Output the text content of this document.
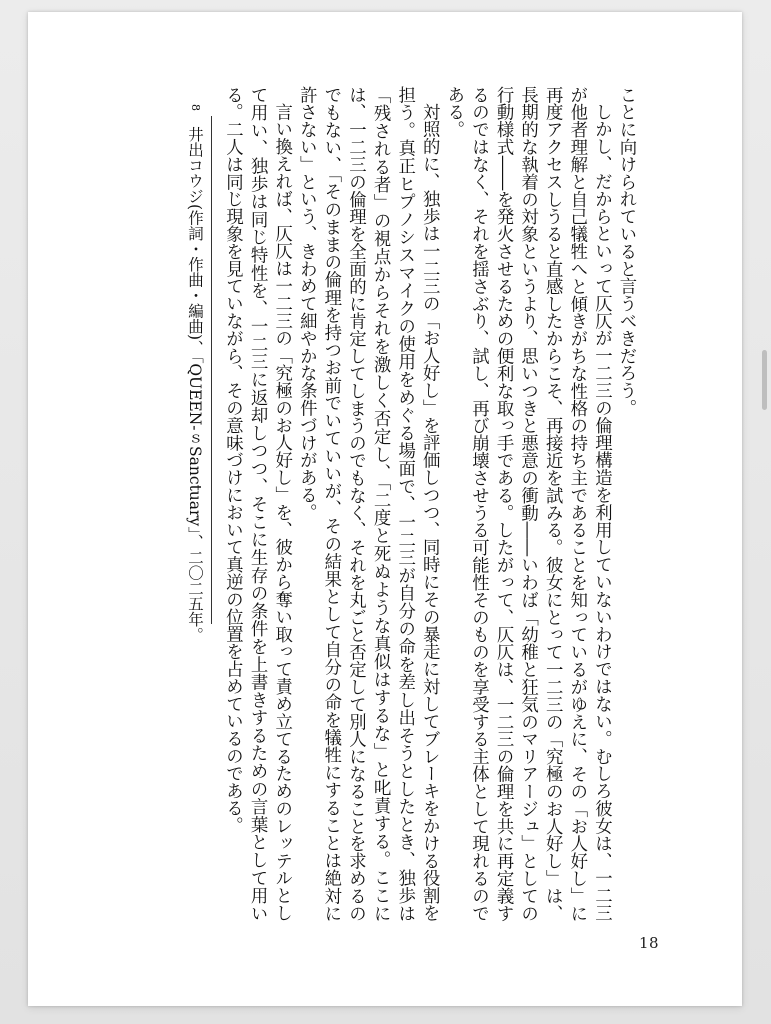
ことに向けられていると言うべきだろう。

しかし、だからといって仄仄が一二三の倫理構造を利用していないわけではない。むしろ彼女は、一二三が他者理解と自己犠牲へと傾きがちな性格の持ち主であることを知っているがゆえに、その「お人好し」に再度アクセスしうると直感したからこそ、再接近を試みる。彼女にとって一二三の「究極のお人好し」は、長期的な執着の対象というより、思いつきと悪意の衝動――いわば「幼稚と狂気のマリアージュ」としての行動様式――を発火させるための便利な取っ手である。したがって、仄仄は、一二三の倫理を共に再定義するのではなく、それを揺さぶり、試し、再び崩壊させうる可能性そのものを享受する主体として現れるのである。

対照的に、独歩は一二三の「お人好し」を評価しつつ、同時にその暴走に対してブレーキをかける役割を担う。真正ヒプノシスマイクの使用をめぐる場面で、一二三が自分の命を差し出そうとしたとき、独歩は「残される者」の視点からそれを激しく否定し、「二度と死ぬような真似はするな」と叱責する。ここには、一二三の倫理を全面的に肯定してしまうのでもなく、それを丸ごと否定して別人になることを求めるのでもない、「そのままの倫理を持つお前でいていいが、その結果として自分の命を犠牲にすることは絶対に許さない」という、きわめて細やかな条件づけがある。

言い換えれば、仄仄は一二三の「究極のお人好し」を、彼から奪い取って責め立てるためのレッテルとして用い、独歩は同じ特性を、一二三に返却しつつ、そこに生存の条件を上書きするための言葉として用いる。二人は同じ現象を見ていながら、その意味づけにおいて真逆の位置を占めているのである。

8　井出コウジ(作詞・作曲・編曲)、「QUEEN‐ｓSanctuary」、二〇二五年。
18
